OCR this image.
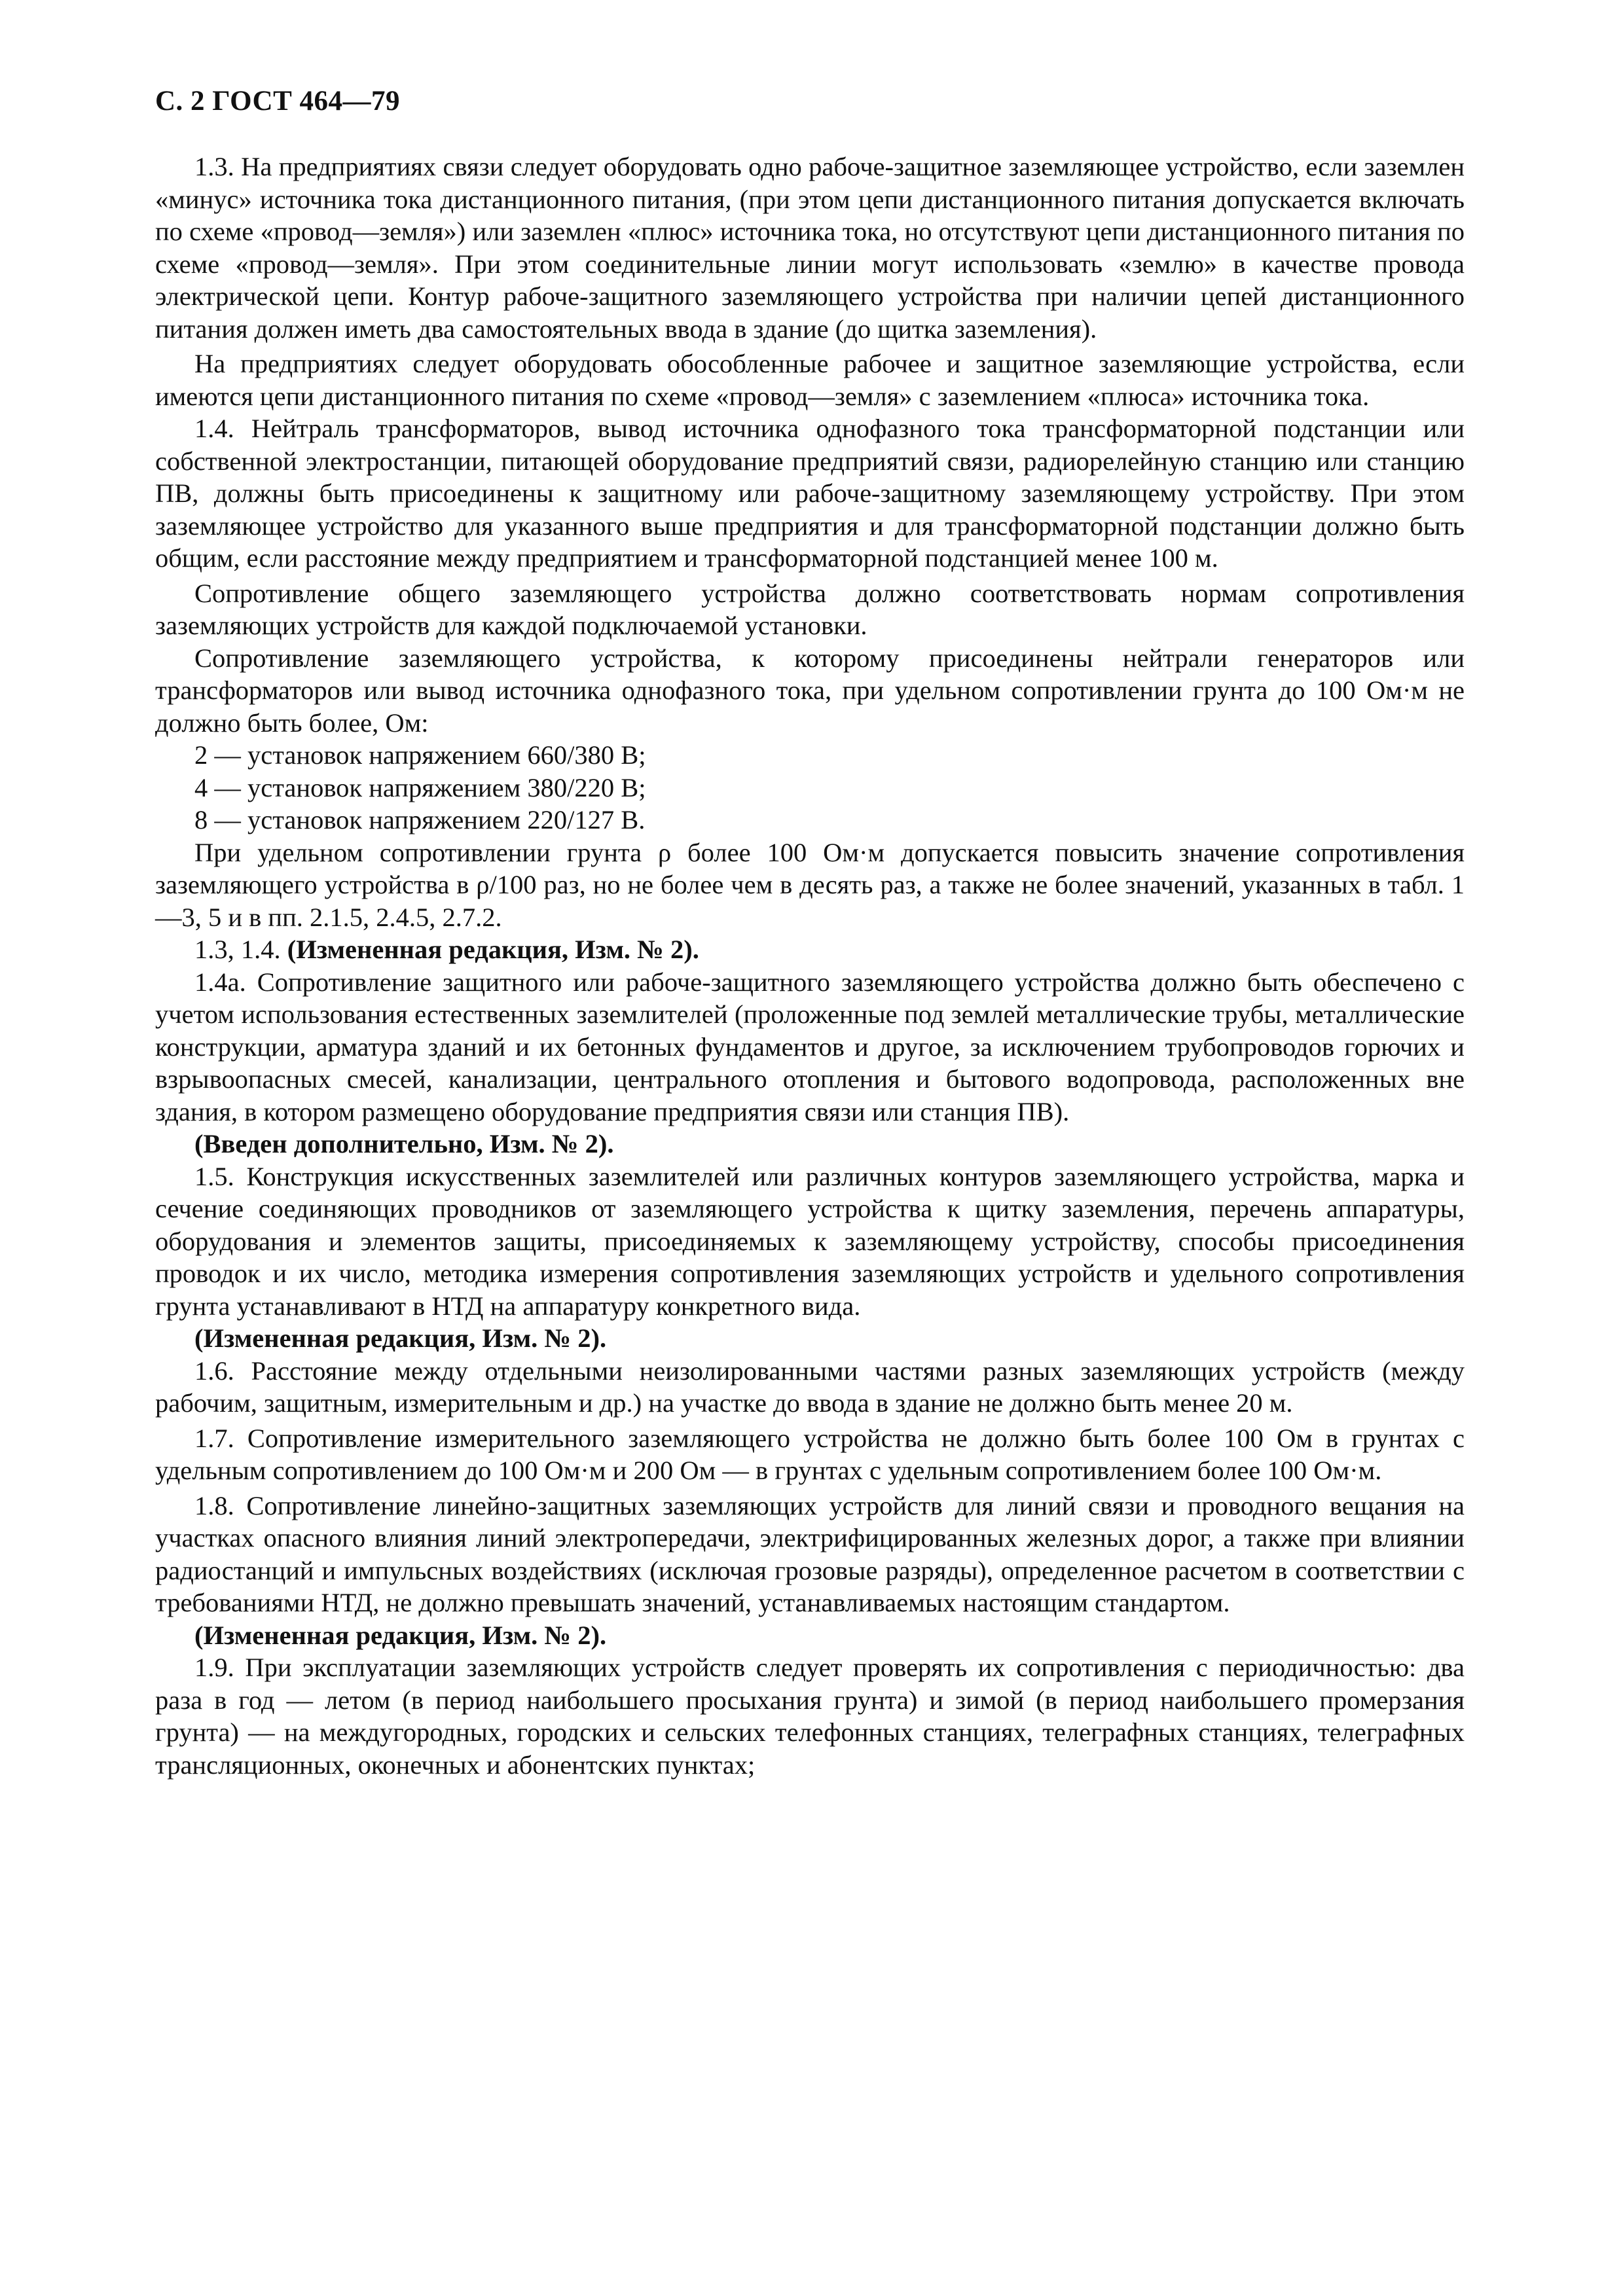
С. 2 ГОСТ 464—79

1.3. На предприятиях связи следует оборудовать одно рабоче-защитное заземляющее устройство, если заземлен «минус» источника тока дистанционного питания, (при этом цепи дистанционного питания допускается включать по схеме «провод—земля») или заземлен «плюс» источника тока, но отсутствуют цепи дистанционного питания по схеме «провод—земля». При этом соединительные линии могут использовать «землю» в качестве провода электрической цепи. Контур рабоче-защитного заземляющего устройства при наличии цепей дистанционного питания должен иметь два самостоятельных ввода в здание (до щитка заземления).

На предприятиях следует оборудовать обособленные рабочее и защитное заземляющие устройства, если имеются цепи дистанционного питания по схеме «провод—земля» с заземлением «плюса» источника тока.

1.4. Нейтраль трансформаторов, вывод источника однофазного тока трансформаторной подстанции или собственной электростанции, питающей оборудование предприятий связи, радиорелейную станцию или станцию ПВ, должны быть присоединены к защитному или рабоче-защитному заземляющему устройству. При этом заземляющее устройство для указанного выше предприятия и для трансформаторной подстанции должно быть общим, если расстояние между предприятием и трансформаторной подстанцией менее 100 м.

Сопротивление общего заземляющего устройства должно соответствовать нормам сопротивления заземляющих устройств для каждой подключаемой установки.

Сопротивление заземляющего устройства, к которому присоединены нейтрали генераторов или трансформаторов или вывод источника однофазного тока, при удельном сопротивлении грунта до 100 Ом·м не должно быть более, Ом:

2 — установок напряжением 660/380 В;

4 — установок напряжением 380/220 В;

8 — установок напряжением 220/127 В.

При удельном сопротивлении грунта ρ более 100 Ом·м допускается повысить значение сопротивления заземляющего устройства в ρ/100 раз, но не более чем в десять раз, а также не более значений, указанных в табл. 1—3, 5 и в пп. 2.1.5, 2.4.5, 2.7.2.

1.3, 1.4. (Измененная редакция, Изм. № 2).

1.4а. Сопротивление защитного или рабоче-защитного заземляющего устройства должно быть обеспечено с учетом использования естественных заземлителей (проложенные под землей металлические трубы, металлические конструкции, арматура зданий и их бетонных фундаментов и другое, за исключением трубопроводов горючих и взрывоопасных смесей, канализации, центрального отопления и бытового водопровода, расположенных вне здания, в котором размещено оборудование предприятия связи или станция ПВ).

(Введен дополнительно, Изм. № 2).

1.5. Конструкция искусственных заземлителей или различных контуров заземляющего устройства, марка и сечение соединяющих проводников от заземляющего устройства к щитку заземления, перечень аппаратуры, оборудования и элементов защиты, присоединяемых к заземляющему устройству, способы присоединения проводок и их число, методика измерения сопротивления заземляющих устройств и удельного сопротивления грунта устанавливают в НТД на аппаратуру конкретного вида.

(Измененная редакция, Изм. № 2).

1.6. Расстояние между отдельными неизолированными частями разных заземляющих устройств (между рабочим, защитным, измерительным и др.) на участке до ввода в здание не должно быть менее 20 м.

1.7. Сопротивление измерительного заземляющего устройства не должно быть более 100 Ом в грунтах с удельным сопротивлением до 100 Ом·м и 200 Ом — в грунтах с удельным сопротивлением более 100 Ом·м.

1.8. Сопротивление линейно-защитных заземляющих устройств для линий связи и проводного вещания на участках опасного влияния линий электропередачи, электрифицированных железных дорог, а также при влиянии радиостанций и импульсных воздействиях (исключая грозовые разряды), определенное расчетом в соответствии с требованиями НТД, не должно превышать значений, устанавливаемых настоящим стандартом.

(Измененная редакция, Изм. № 2).

1.9. При эксплуатации заземляющих устройств следует проверять их сопротивления с периодичностью: два раза в год — летом (в период наибольшего просыхания грунта) и зимой (в период наибольшего промерзания грунта) — на междугородных, городских и сельских телефонных станциях, телеграфных станциях, телеграфных трансляционных, оконечных и абонентских пунктах;
